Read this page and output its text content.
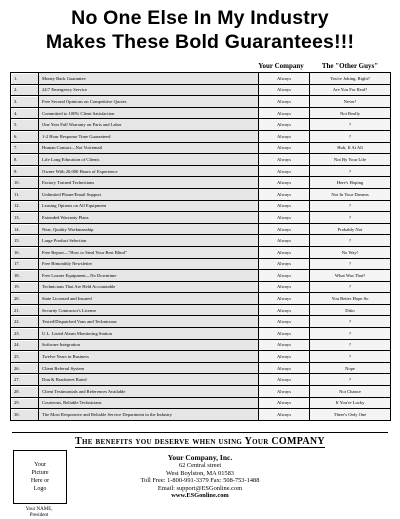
No One Else In My Industry
Makes These Bold Guarantees!!!
Your Company	The "Other Guys"
1.	Money Back Guarantee	Always	You're Joking, Right?
2.	24/7 Emergency Service	Always	Are You For Real?
3.	Free Second Opinions on Competitive Quotes	Always	Never!
4.	Committed to 100% Client Satisfaction	Always	Not Really
5.	One Year Full Warranty on Parts and Labor	Always	?
6.	1-2 Hour Response Time Guaranteed	Always	?
7.	Human Contact—Not Voicemail	Always	Huh, If At All
8.	Life Long Education of Clients	Always	Not By Your Life
9.	Owner With 20,000 Hours of Experience	Always	?
10.	Factory Trained Technicians	Always	Here's Hoping
11.	Unlimited Phone/Email Support	Always	Not In Your Dreams
12.	Leasing Options on All Equipment	Always	?
13.	Extended Warranty Plans	Always	?
14.	Neat, Quality Workmanship	Always	Probably Not
15.	Large Product Selection	Always	?
16.	Free Report—"How to Steal Your Best Blind"	Always	No Way!
17.	Free Bimonthly Newsletter	Always	?
18.	Free Loaner Equipment—No Downtime	Always	What Was That?
19.	Technicians That Are Held Accountable	Always	?
20.	State Licensed and Insured	Always	You Better Hope So
21.	Security Contractor's License	Always	Ditto
22.	Tested/Dispatched Vans and Technicians	Always	?
23.	U.L. Listed Alarm Monitoring Station	Always	?
24.	Software Integration	Always	?
25.	Twelve Years in Business	Always	?
26.	Client Referral System	Always	Nope
27.	Dun & Bradstreet Rated	Always	?
28.	Client Testimonials and References Available	Always	Not Chance
29.	Courteous, Reliable Technicians	Always	If You're Lucky
30.	The Most Responsive and Reliable Service Department in the Industry	Always	There's Only One
The benefits you deserve when using Your COMPANY
Your
Picture
Here or
Logo
Your NAME,
President
Your Company, Inc.
62 Central street
West Boylston, MA 01583
Toll Free: 1-800-991-3379 Fax: 508-753-1488
Email: support@ESGonline.com
www.ESGonline.com
